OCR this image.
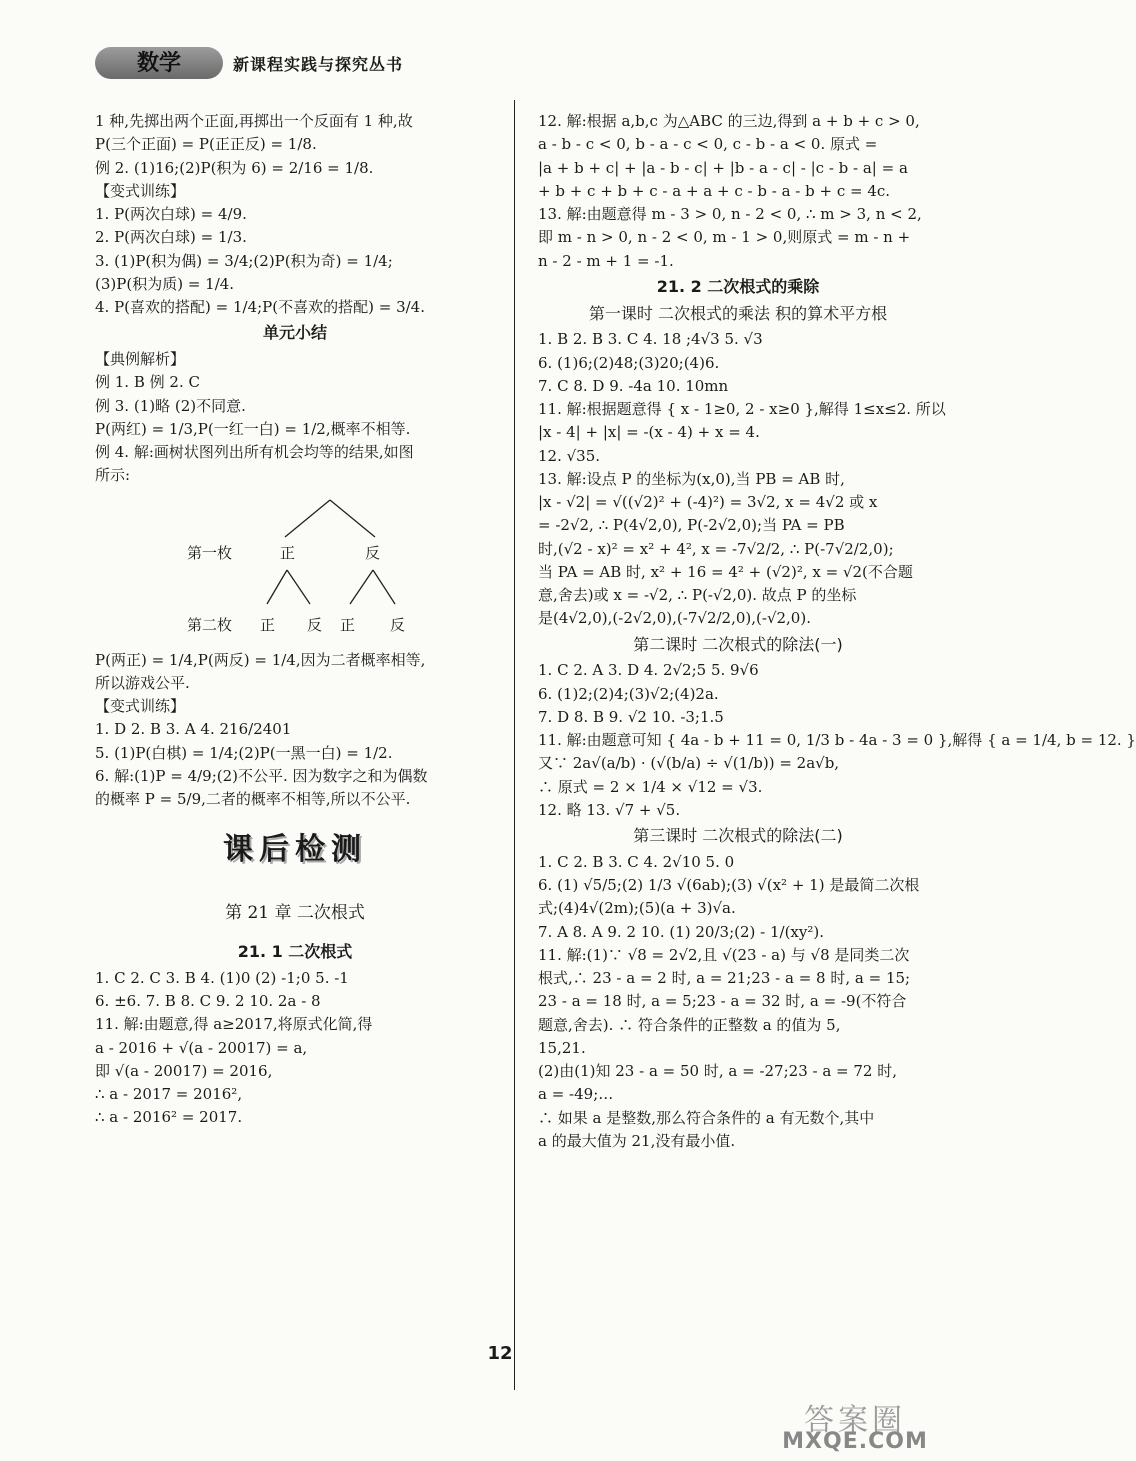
数学	新课程实践与探究丛书
1 种,先掷出两个正面,再掷出一个反面有 1 种,故
P(三个正面) = P(正正反) = 1/8.
例 2. (1)16;(2)P(积为 6) = 2/16 = 1/8.
【变式训练】
1. P(两次白球) = 4/9.
2. P(两次白球) = 1/3.
3. (1)P(积为偶) = 3/4;(2)P(积为奇) = 1/4;
(3)P(积为质) = 1/4.
4. P(喜欢的搭配) = 1/4;P(不喜欢的搭配) = 3/4.
单元小结
【典例解析】
例 1. B 例 2. C
例 3. (1)略 (2)不同意.
P(两红) = 1/3,P(一红一白) = 1/2,概率不相等.
例 4. 解:画树状图列出所有机会均等的结果,如图
所示:
第一枚	正	反
第二枚 正 反 正 反
P(两正) = 1/4,P(两反) = 1/4,因为二者概率相等,
所以游戏公平.
【变式训练】
1. D 2. B 3. A 4. 216/2401
5. (1)P(白棋) = 1/4;(2)P(一黑一白) = 1/2.
6. 解:(1)P = 4/9;(2)不公平. 因为数字之和为偶数
的概率 P = 5/9,二者的概率不相等,所以不公平.
课后检测
第 21 章 二次根式
21. 1 二次根式
1. C 2. C 3. B 4. (1)0 (2) -1;0 5. -1
6. ±6. 7. B 8. C 9. 2 10. 2a - 8
11. 解:由题意,得 a≥2017,将原式化简,得
a - 2016 + √(a - 20017) = a,
即 √(a - 20017) = 2016,
∴ a - 2017 = 2016²,
∴ a - 2016² = 2017.
12. 解:根据 a,b,c 为△ABC 的三边,得到 a + b + c > 0,
a - b - c < 0, b - a - c < 0, c - b - a < 0. 原式 =
|a + b + c| + |a - b - c| + |b - a - c| - |c - b - a| = a
+ b + c + b + c - a + a + c - b - a - b + c = 4c.
13. 解:由题意得 m - 3 > 0, n - 2 < 0, ∴ m > 3, n < 2,
即 m - n > 0, n - 2 < 0, m - 1 > 0,则原式 = m - n +
n - 2 - m + 1 = -1.
21. 2 二次根式的乘除
第一课时 二次根式的乘法 积的算术平方根
1. B 2. B 3. C 4. 18 ;4√3 5. √3
6. (1)6;(2)48;(3)20;(4)6.
7. C 8. D 9. -4a 10. 10mn
11. 解:根据题意得 { x - 1≥0, 2 - x≥0 },解得 1≤x≤2. 所以
|x - 4| + |x| = -(x - 4) + x = 4.
12. √35.
13. 解:设点 P 的坐标为(x,0),当 PB = AB 时,
|x - √2| = √((√2)² + (-4)²) = 3√2, x = 4√2 或 x
= -2√2, ∴ P(4√2,0), P(-2√2,0);当 PA = PB
时,(√2 - x)² = x² + 4², x = -7√2/2, ∴ P(-7√2/2,0);
当 PA = AB 时, x² + 16 = 4² + (√2)², x = √2(不合题
意,舍去)或 x = -√2, ∴ P(-√2,0). 故点 P 的坐标
是(4√2,0),(-2√2,0),(-7√2/2,0),(-√2,0).
第二课时 二次根式的除法(一)
1. C 2. A 3. D 4. 2√2;5 5. 9√6
6. (1)2;(2)4;(3)√2;(4)2a.
7. D 8. B 9. √2 10. -3;1.5
11. 解:由题意可知 { 4a - b + 11 = 0, 1/3 b - 4a - 3 = 0 },解得 { a = 1/4, b = 12. }
又∵ 2a√(a/b) · (√(b/a) ÷ √(1/b)) = 2a√b,
∴ 原式 = 2 × 1/4 × √12 = √3.
12. 略 13. √7 + √5.
第三课时 二次根式的除法(二)
1. C 2. B 3. C 4. 2√10 5. 0
6. (1) √5/5;(2) 1/3 √(6ab);(3) √(x² + 1) 是最简二次根
式;(4)4√(2m);(5)(a + 3)√a.
7. A 8. A 9. 2 10. (1) 20/3;(2) - 1/(xy²).
11. 解:(1)∵ √8 = 2√2,且 √(23 - a) 与 √8 是同类二次
根式,∴ 23 - a = 2 时, a = 21;23 - a = 8 时, a = 15;
23 - a = 18 时, a = 5;23 - a = 32 时, a = -9(不符合
题意,舍去). ∴ 符合条件的正整数 a 的值为 5,
15,21.
(2)由(1)知 23 - a = 50 时, a = -27;23 - a = 72 时,
a = -49;…
∴ 如果 a 是整数,那么符合条件的 a 有无数个,其中
a 的最大值为 21,没有最小值.
12
答案圈
MXQE.COM
